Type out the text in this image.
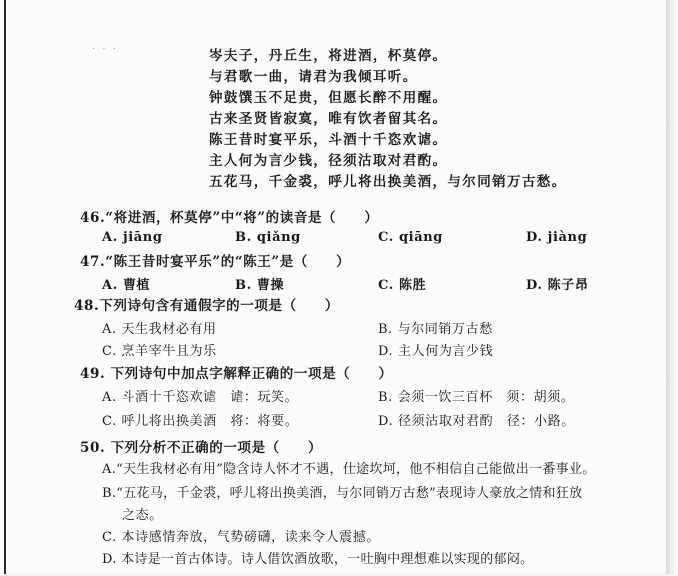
· · ·	岑夫子，丹丘生，将进酒，杯莫停。
与君歌一曲，请君为我倾耳听。
钟鼓馔玉不足贵，但愿长醉不用醒。
古来圣贤皆寂寞，唯有饮者留其名。
陈王昔时宴平乐，斗酒十千恣欢谑。
主人何为言少钱，径须沽取对君酌。
五花马，千金裘，呼儿将出换美酒，与尔同销万古愁。
46.“将进酒，杯莫停”中“将”的读音是（　　）
A. jiāng	B. qiǎng	C. qiāng	D. jiàng
47.“陈王昔时宴平乐”的“陈王”是（　　）
A. 曹植	B. 曹操	C. 陈胜	D. 陈子昂
48.下列诗句含有通假字的一项是（　　）
A. 天生我材必有用	B. 与尔同销万古愁
C. 烹羊宰牛且为乐	D. 主人何为言少钱
49. 下列诗句中加点字解释正确的一项是（　　）
A. 斗酒十千恣欢谑　谑：玩笑。	B. 会须一饮三百杯　须：胡须。
C. 呼儿将出换美酒　将：将要。	D. 径须沽取对君酌　径：小路。
50. 下列分析不正确的一项是（　　）
A.“天生我材必有用”隐含诗人怀才不遇，仕途坎坷，他不相信自己能做出一番事业。
B.“五花马，千金裘，呼儿将出换美酒，与尔同销万古愁”表现诗人豪放之情和狂放
之态。
C. 本诗感情奔放，气势磅礴，读来令人震撼。
D. 本诗是一首古体诗。诗人借饮酒放歌，一吐胸中理想难以实现的郁闷。
